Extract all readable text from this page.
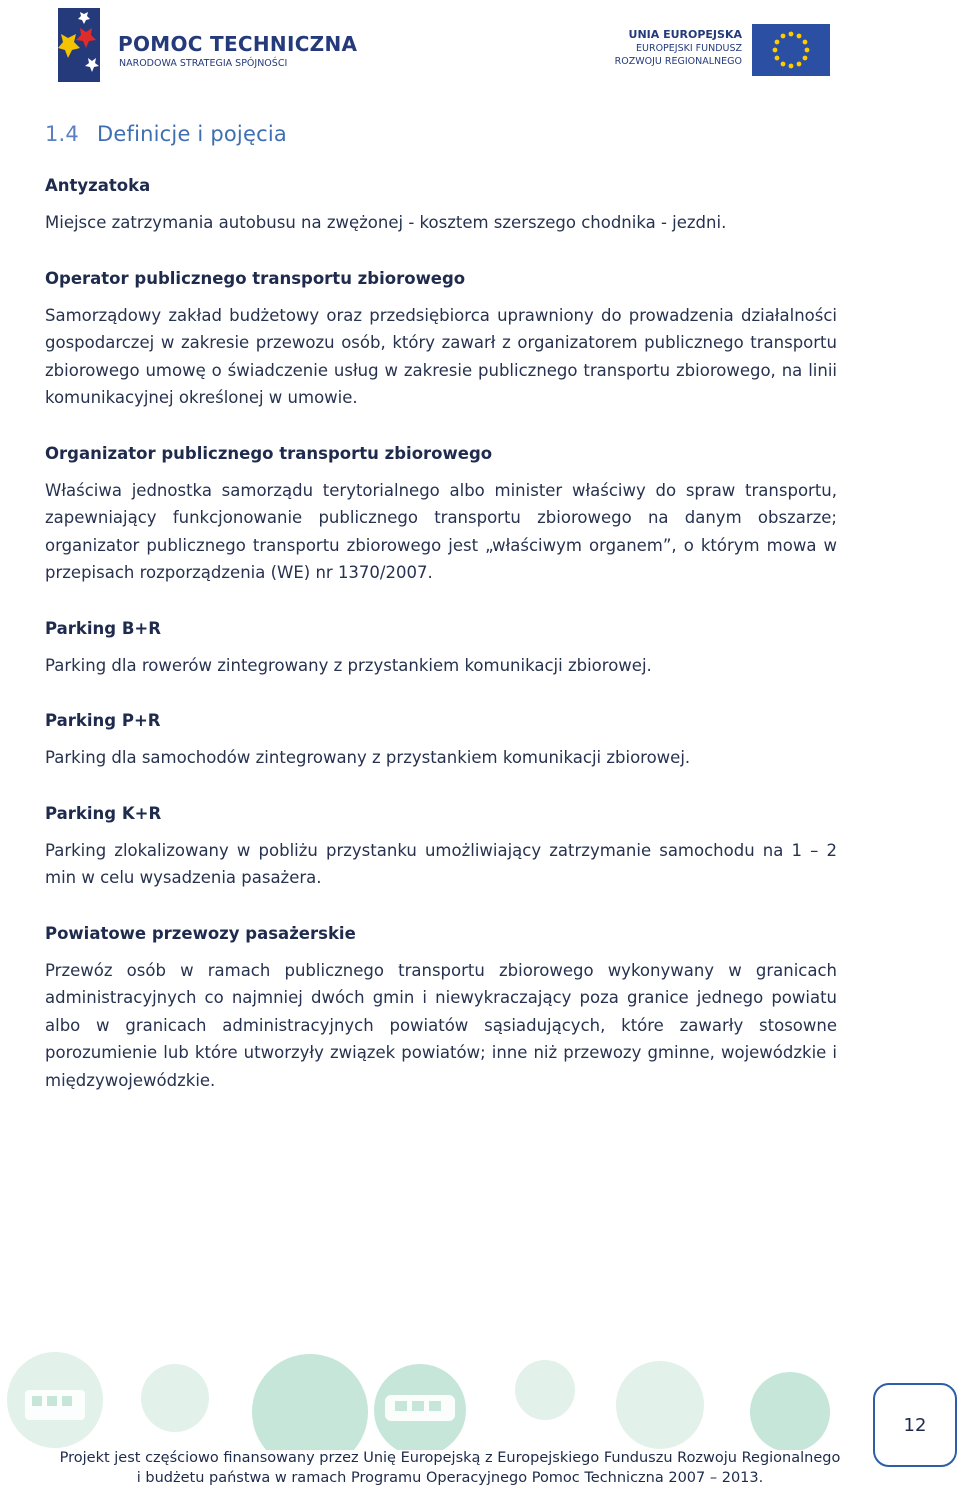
POMOC TECHNICZNA
NARODOWA STRATEGIA SPÓJNOŚCI
UNIA EUROPEJSKA
EUROPEJSKI FUNDUSZ
ROZWOJU REGIONALNEGO
1.4 Definicje i pojęcia

Antyzatoka

Miejsce zatrzymania autobusu na zwężonej - kosztem szerszego chodnika - jezdni.

Operator publicznego transportu zbiorowego

Samorządowy zakład budżetowy oraz przedsiębiorca uprawniony do prowadzenia działalności gospodarczej w zakresie przewozu osób, który zawarł z organizatorem publicznego transportu zbiorowego umowę o świadczenie usług w zakresie publicznego transportu zbiorowego, na linii komunikacyjnej określonej w umowie.

Organizator publicznego transportu zbiorowego

Właściwa jednostka samorządu terytorialnego albo minister właściwy do spraw transportu, zapewniający funkcjonowanie publicznego transportu zbiorowego na danym obszarze; organizator publicznego transportu zbiorowego jest „właściwym organem”, o którym mowa w przepisach rozporządzenia (WE) nr 1370/2007.

Parking B+R

Parking dla rowerów zintegrowany z przystankiem komunikacji zbiorowej.

Parking P+R

Parking dla samochodów zintegrowany z przystankiem komunikacji zbiorowej.

Parking K+R

Parking zlokalizowany w pobliżu przystanku umożliwiający zatrzymanie samochodu na 1 – 2 min w celu wysadzenia pasażera.

Powiatowe przewozy pasażerskie

Przewóz osób w ramach publicznego transportu zbiorowego wykonywany w granicach administracyjnych co najmniej dwóch gmin i niewykraczający poza granice jednego powiatu albo w granicach administracyjnych powiatów sąsiadujących, które zawarły stosowne porozumienie lub które utworzyły związek powiatów; inne niż przewozy gminne, wojewódzkie i międzywojewódzkie.

12
Projekt jest częściowo finansowany przez Unię Europejską z Europejskiego Funduszu Rozwoju Regionalnego
i budżetu państwa w ramach Programu Operacyjnego Pomoc Techniczna 2007 – 2013.
